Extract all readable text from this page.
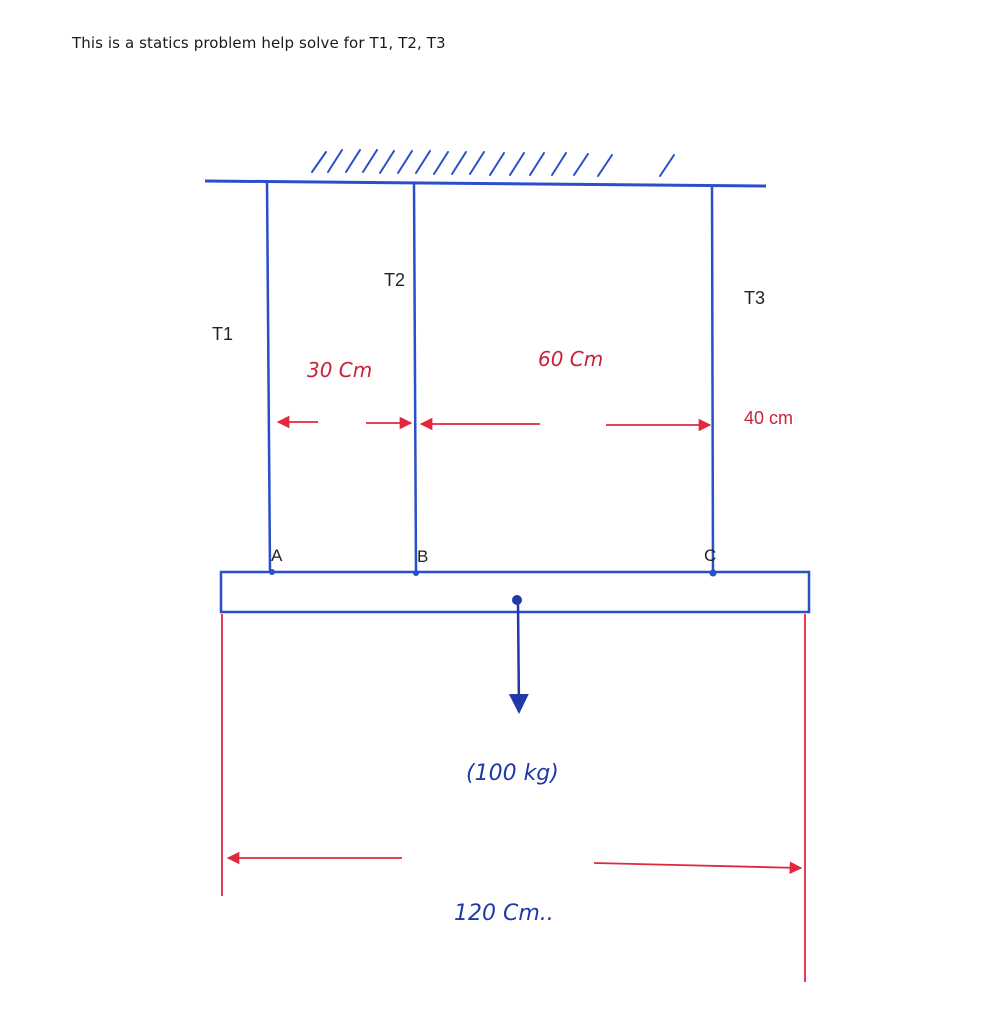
This is a statics problem help solve for T1, T2, T3
T1
T2
T3
A	B	C
30 Cm	60 Cm
40 cm
(100 kg)
120 Cm..
